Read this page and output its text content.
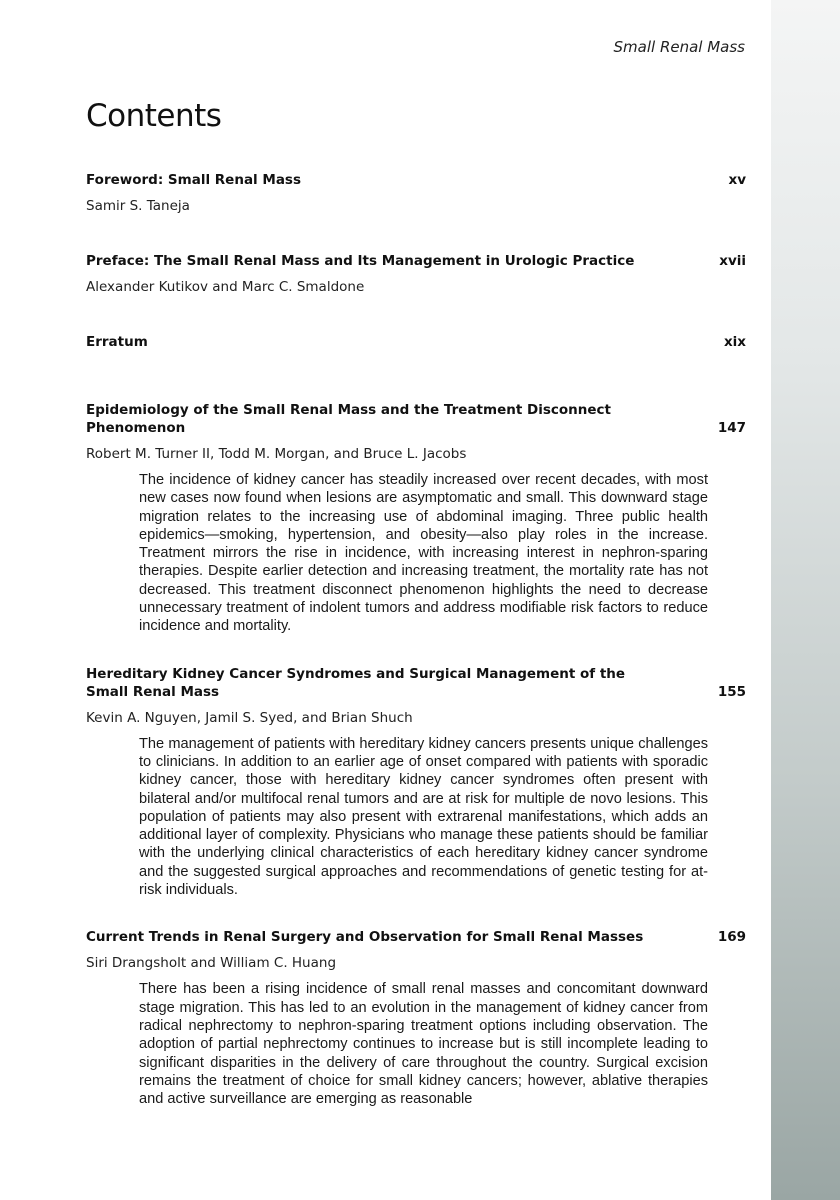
Small Renal Mass
Contents
Foreword: Small Renal Mass	xv
Samir S. Taneja
Preface: The Small Renal Mass and Its Management in Urologic Practice	xvii
Alexander Kutikov and Marc C. Smaldone
Erratum	xix
Epidemiology of the Small Renal Mass and the Treatment Disconnect Phenomenon	147
Robert M. Turner II, Todd M. Morgan, and Bruce L. Jacobs
The incidence of kidney cancer has steadily increased over recent decades, with most new cases now found when lesions are asymptomatic and small. This downward stage migration relates to the increasing use of abdominal imaging. Three public health epidemics—smoking, hypertension, and obesity—also play roles in the increase. Treatment mirrors the rise in incidence, with increasing interest in nephron-sparing therapies. Despite earlier detection and increasing treatment, the mortality rate has not decreased. This treatment disconnect phenomenon highlights the need to decrease unnecessary treatment of indolent tumors and address modifiable risk factors to reduce incidence and mortality.
Hereditary Kidney Cancer Syndromes and Surgical Management of the Small Renal Mass	155
Kevin A. Nguyen, Jamil S. Syed, and Brian Shuch
The management of patients with hereditary kidney cancers presents unique challenges to clinicians. In addition to an earlier age of onset compared with patients with sporadic kidney cancer, those with hereditary kidney cancer syndromes often present with bilateral and/or multifocal renal tumors and are at risk for multiple de novo lesions. This population of patients may also present with extrarenal manifestations, which adds an additional layer of complexity. Physicians who manage these patients should be familiar with the underlying clinical characteristics of each hereditary kidney cancer syndrome and the suggested surgical approaches and recommendations of genetic testing for at-risk individuals.
Current Trends in Renal Surgery and Observation for Small Renal Masses	169
Siri Drangsholt and William C. Huang
There has been a rising incidence of small renal masses and concomitant downward stage migration. This has led to an evolution in the management of kidney cancer from radical nephrectomy to nephron-sparing treatment options including observation. The adoption of partial nephrectomy continues to increase but is still incomplete leading to significant disparities in the delivery of care throughout the country. Surgical excision remains the treatment of choice for small kidney cancers; however, ablative therapies and active surveillance are emerging as reasonable
